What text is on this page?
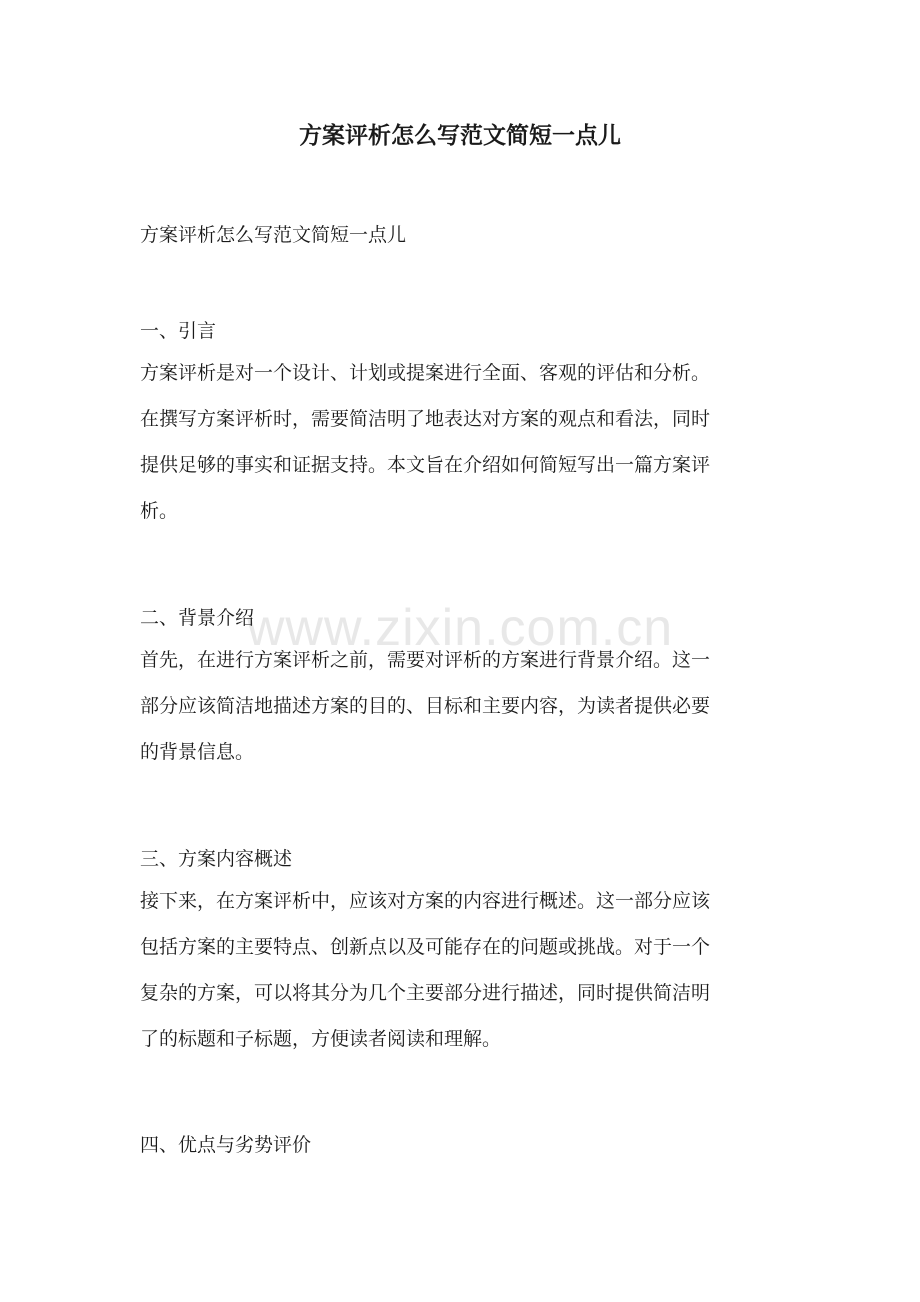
www.zixin.com.cn
方案评析怎么写范文简短一点儿

方案评析怎么写范文简短一点儿

一、引言

方案评析是对一个设计、计划或提案进行全面、客观的评估和分析。
在撰写方案评析时，需要简洁明了地表达对方案的观点和看法，同时
提供足够的事实和证据支持。本文旨在介绍如何简短写出一篇方案评
析。

二、背景介绍

首先，在进行方案评析之前，需要对评析的方案进行背景介绍。这一
部分应该简洁地描述方案的目的、目标和主要内容，为读者提供必要
的背景信息。

三、方案内容概述

接下来，在方案评析中，应该对方案的内容进行概述。这一部分应该
包括方案的主要特点、创新点以及可能存在的问题或挑战。对于一个
复杂的方案，可以将其分为几个主要部分进行描述，同时提供简洁明
了的标题和子标题，方便读者阅读和理解。

四、优点与劣势评价
